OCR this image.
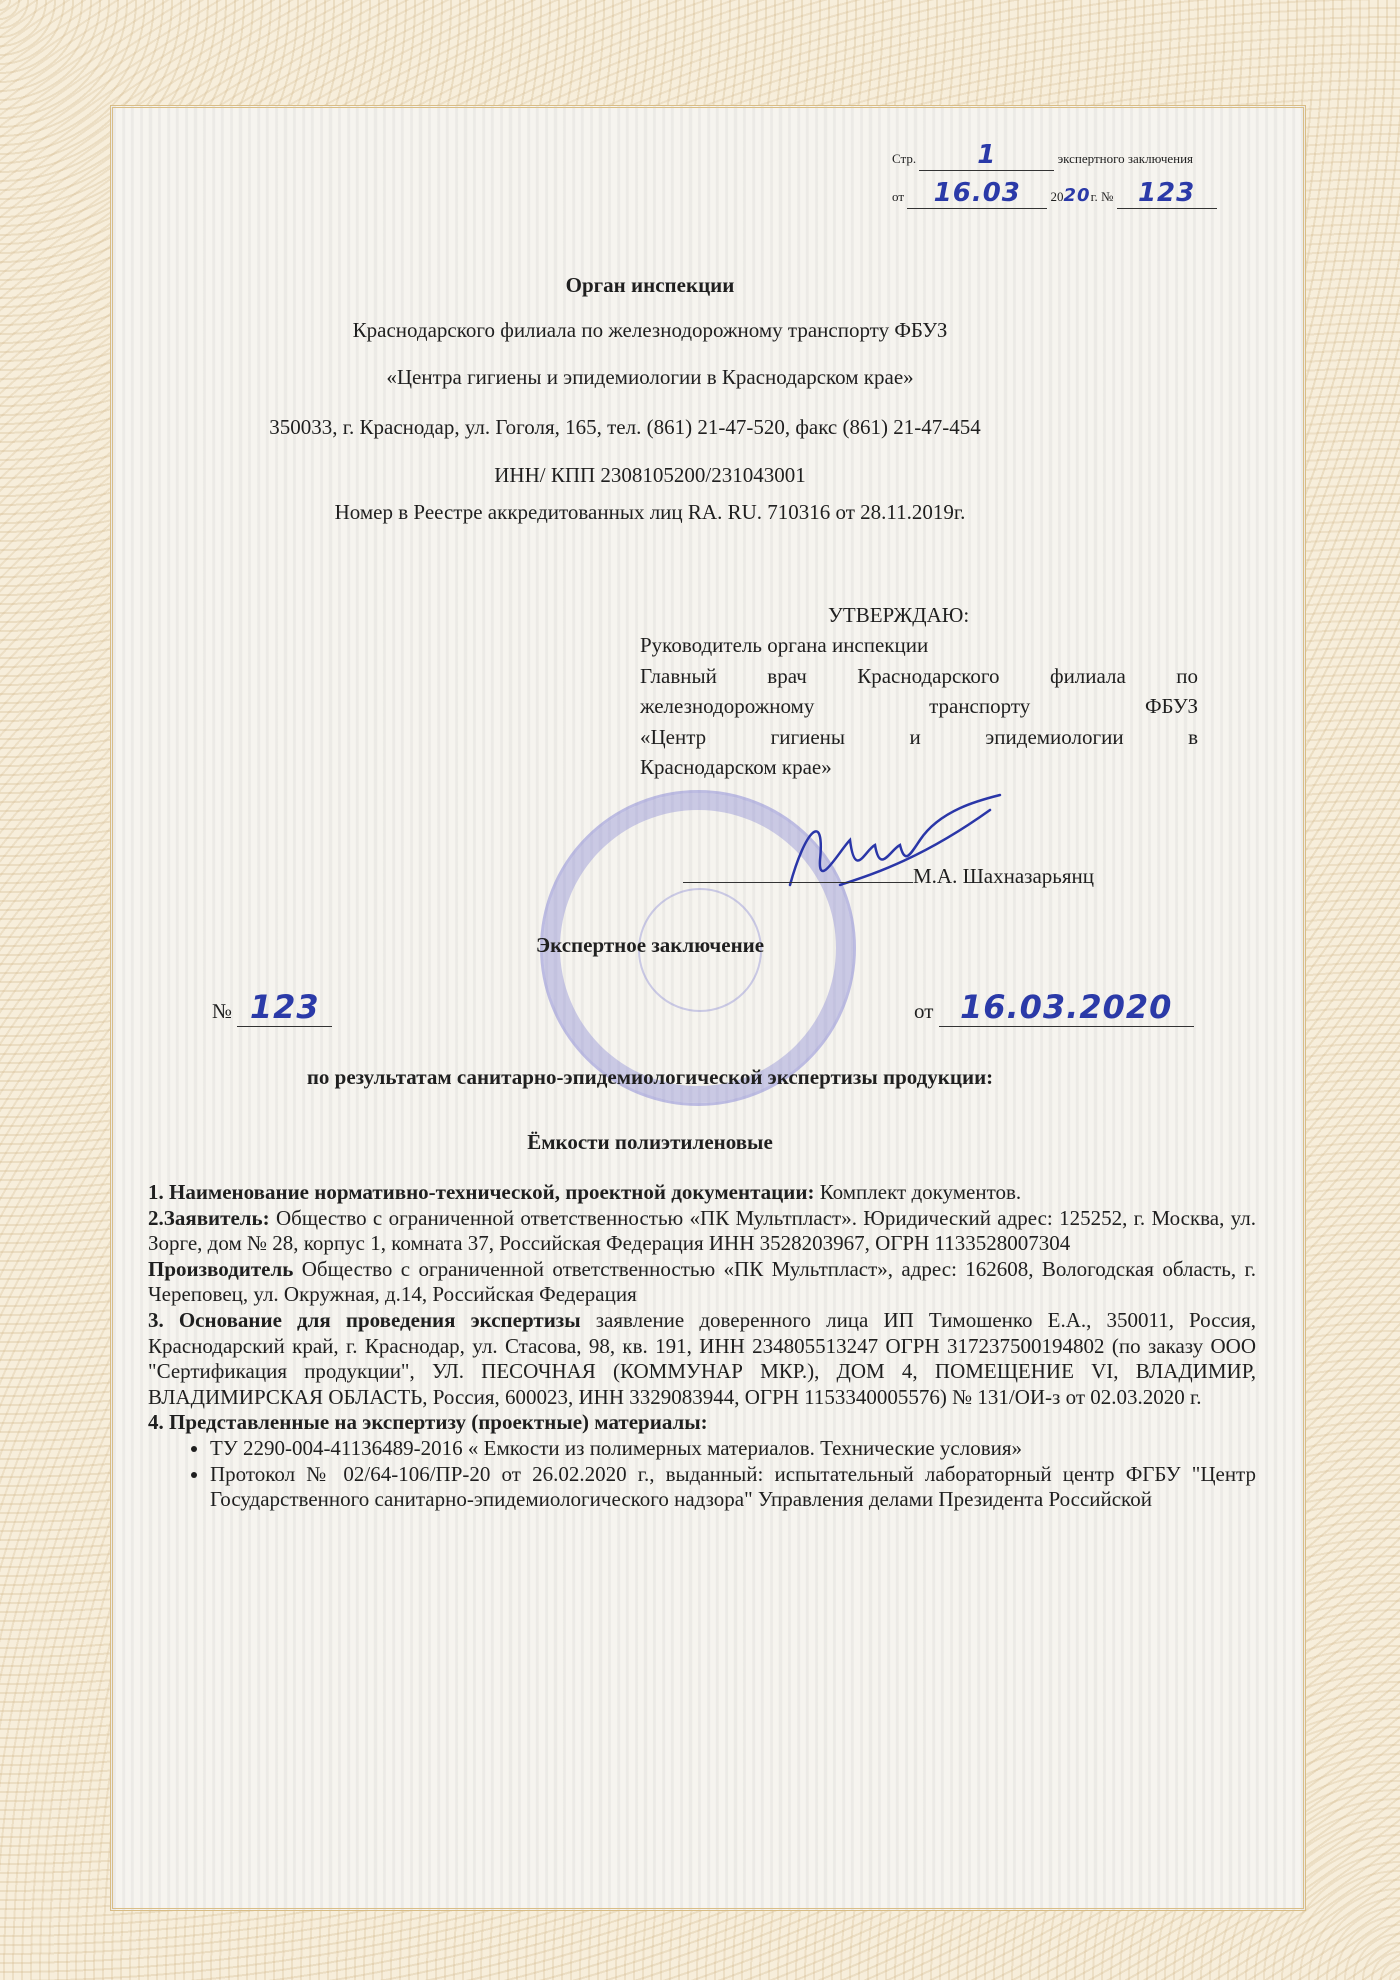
Стр. 1	экспертного заключения
от 16.03 2020г. № 123
Орган инспекции
Краснодарского филиала по железнодорожному транспорту ФБУЗ
«Центра гигиены и эпидемиологии в Краснодарском крае»
350033, г. Краснодар, ул. Гоголя, 165, тел. (861) 21-47-520, факс (861) 21-47-454
ИНН/ КПП 2308105200/231043001
Номер в Реестре аккредитованных лиц RA. RU. 710316 от 28.11.2019г.
УТВЕРЖДАЮ:
Руководитель органа инспекции
Главный врач Краснодарского филиала по
железнодорожному транспорту ФБУЗ
«Центр гигиены и эпидемиологии в
Краснодарском крае»
М.А. Шахназарьянц
Экспертное заключение
№ 123	от 16.03.2020
по результатам санитарно-эпидемиологической экспертизы продукции:
Ёмкости полиэтиленовые

1. Наименование нормативно-технической, проектной документации: Комплект документов.

2.Заявитель: Общество с ограниченной ответственностью «ПК Мультпласт». Юридический адрес: 125252, г. Москва, ул. Зорге, дом № 28, корпус 1, комната 37, Российская Федерация ИНН 3528203967, ОГРН 1133528007304

Производитель Общество с ограниченной ответственностью «ПК Мультпласт», адрес: 162608, Вологодская область, г. Череповец, ул. Окружная, д.14, Российская Федерация

3. Основание для проведения экспертизы заявление доверенного лица ИП Тимошенко Е.А., 350011, Россия, Краснодарский край, г. Краснодар, ул. Стасова, 98, кв. 191, ИНН 234805513247 ОГРН 317237500194802 (по заказу ООО "Сертификация продукции", УЛ. ПЕСОЧНАЯ (КОММУНАР МКР.), ДОМ 4, ПОМЕЩЕНИЕ VI, ВЛАДИМИР, ВЛАДИМИРСКАЯ ОБЛАСТЬ, Россия, 600023, ИНН 3329083944, ОГРН 1153340005576) № 131/ОИ-з от 02.03.2020 г.

4. Представленные на экспертизу (проектные) материалы:

• ТУ 2290-004-41136489-2016 « Емкости из полимерных материалов. Технические условия»
• Протокол № 02/64-106/ПР-20 от 26.02.2020 г., выданный: испытательный лабораторный центр ФГБУ "Центр Государственного санитарно-эпидемиологического надзора" Управления делами Президента Российской
